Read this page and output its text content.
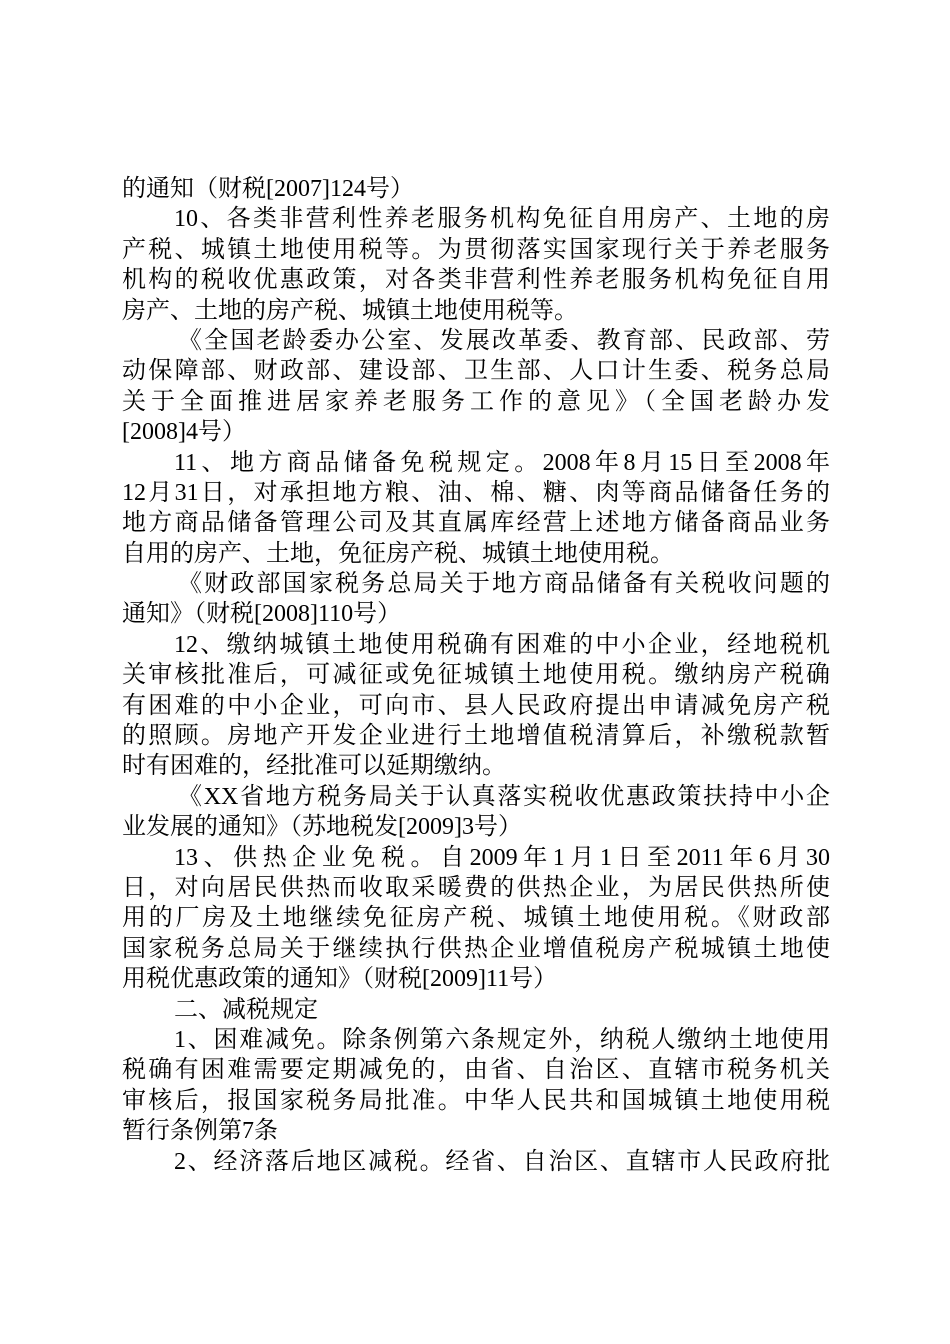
的通知（财税[2007]124号）
10、各类非营利性养老服务机构免征自用房产、土地的房
产税、城镇土地使用税等。为贯彻落实国家现行关于养老服务
机构的税收优惠政策，对各类非营利性养老服务机构免征自用
房产、土地的房产税、城镇土地使用税等。
《全国老龄委办公室、发展改革委、教育部、民政部、劳
动保障部、财政部、建设部、卫生部、人口计生委、税务总局
关于全面推进居家养老服务工作的意见》（全国老龄办发
[2008]4号）
11、地方商品储备免税规定。2008年8月15日至2008年
12月31日，对承担地方粮、油、棉、糖、肉等商品储备任务的
地方商品储备管理公司及其直属库经营上述地方储备商品业务
自用的房产、土地，免征房产税、城镇土地使用税。
《财政部国家税务总局关于地方商品储备有关税收问题的
通知》（财税[2008]110号）
12、缴纳城镇土地使用税确有困难的中小企业，经地税机
关审核批准后，可减征或免征城镇土地使用税。缴纳房产税确
有困难的中小企业，可向市、县人民政府提出申请减免房产税
的照顾。房地产开发企业进行土地增值税清算后，补缴税款暂
时有困难的，经批准可以延期缴纳。
《XX省地方税务局关于认真落实税收优惠政策扶持中小企
业发展的通知》（苏地税发[2009]3号）
13、供热企业免税。自2009年1月1日至2011年6月30
日，对向居民供热而收取采暖费的供热企业，为居民供热所使
用的厂房及土地继续免征房产税、城镇土地使用税。《财政部
国家税务总局关于继续执行供热企业增值税房产税城镇土地使
用税优惠政策的通知》（财税[2009]11号）
二、减税规定
1、困难减免。除条例第六条规定外，纳税人缴纳土地使用
税确有困难需要定期减免的，由省、自治区、直辖市税务机关
审核后，报国家税务局批准。中华人民共和国城镇土地使用税
暂行条例第7条
2、经济落后地区减税。经省、自治区、直辖市人民政府批
